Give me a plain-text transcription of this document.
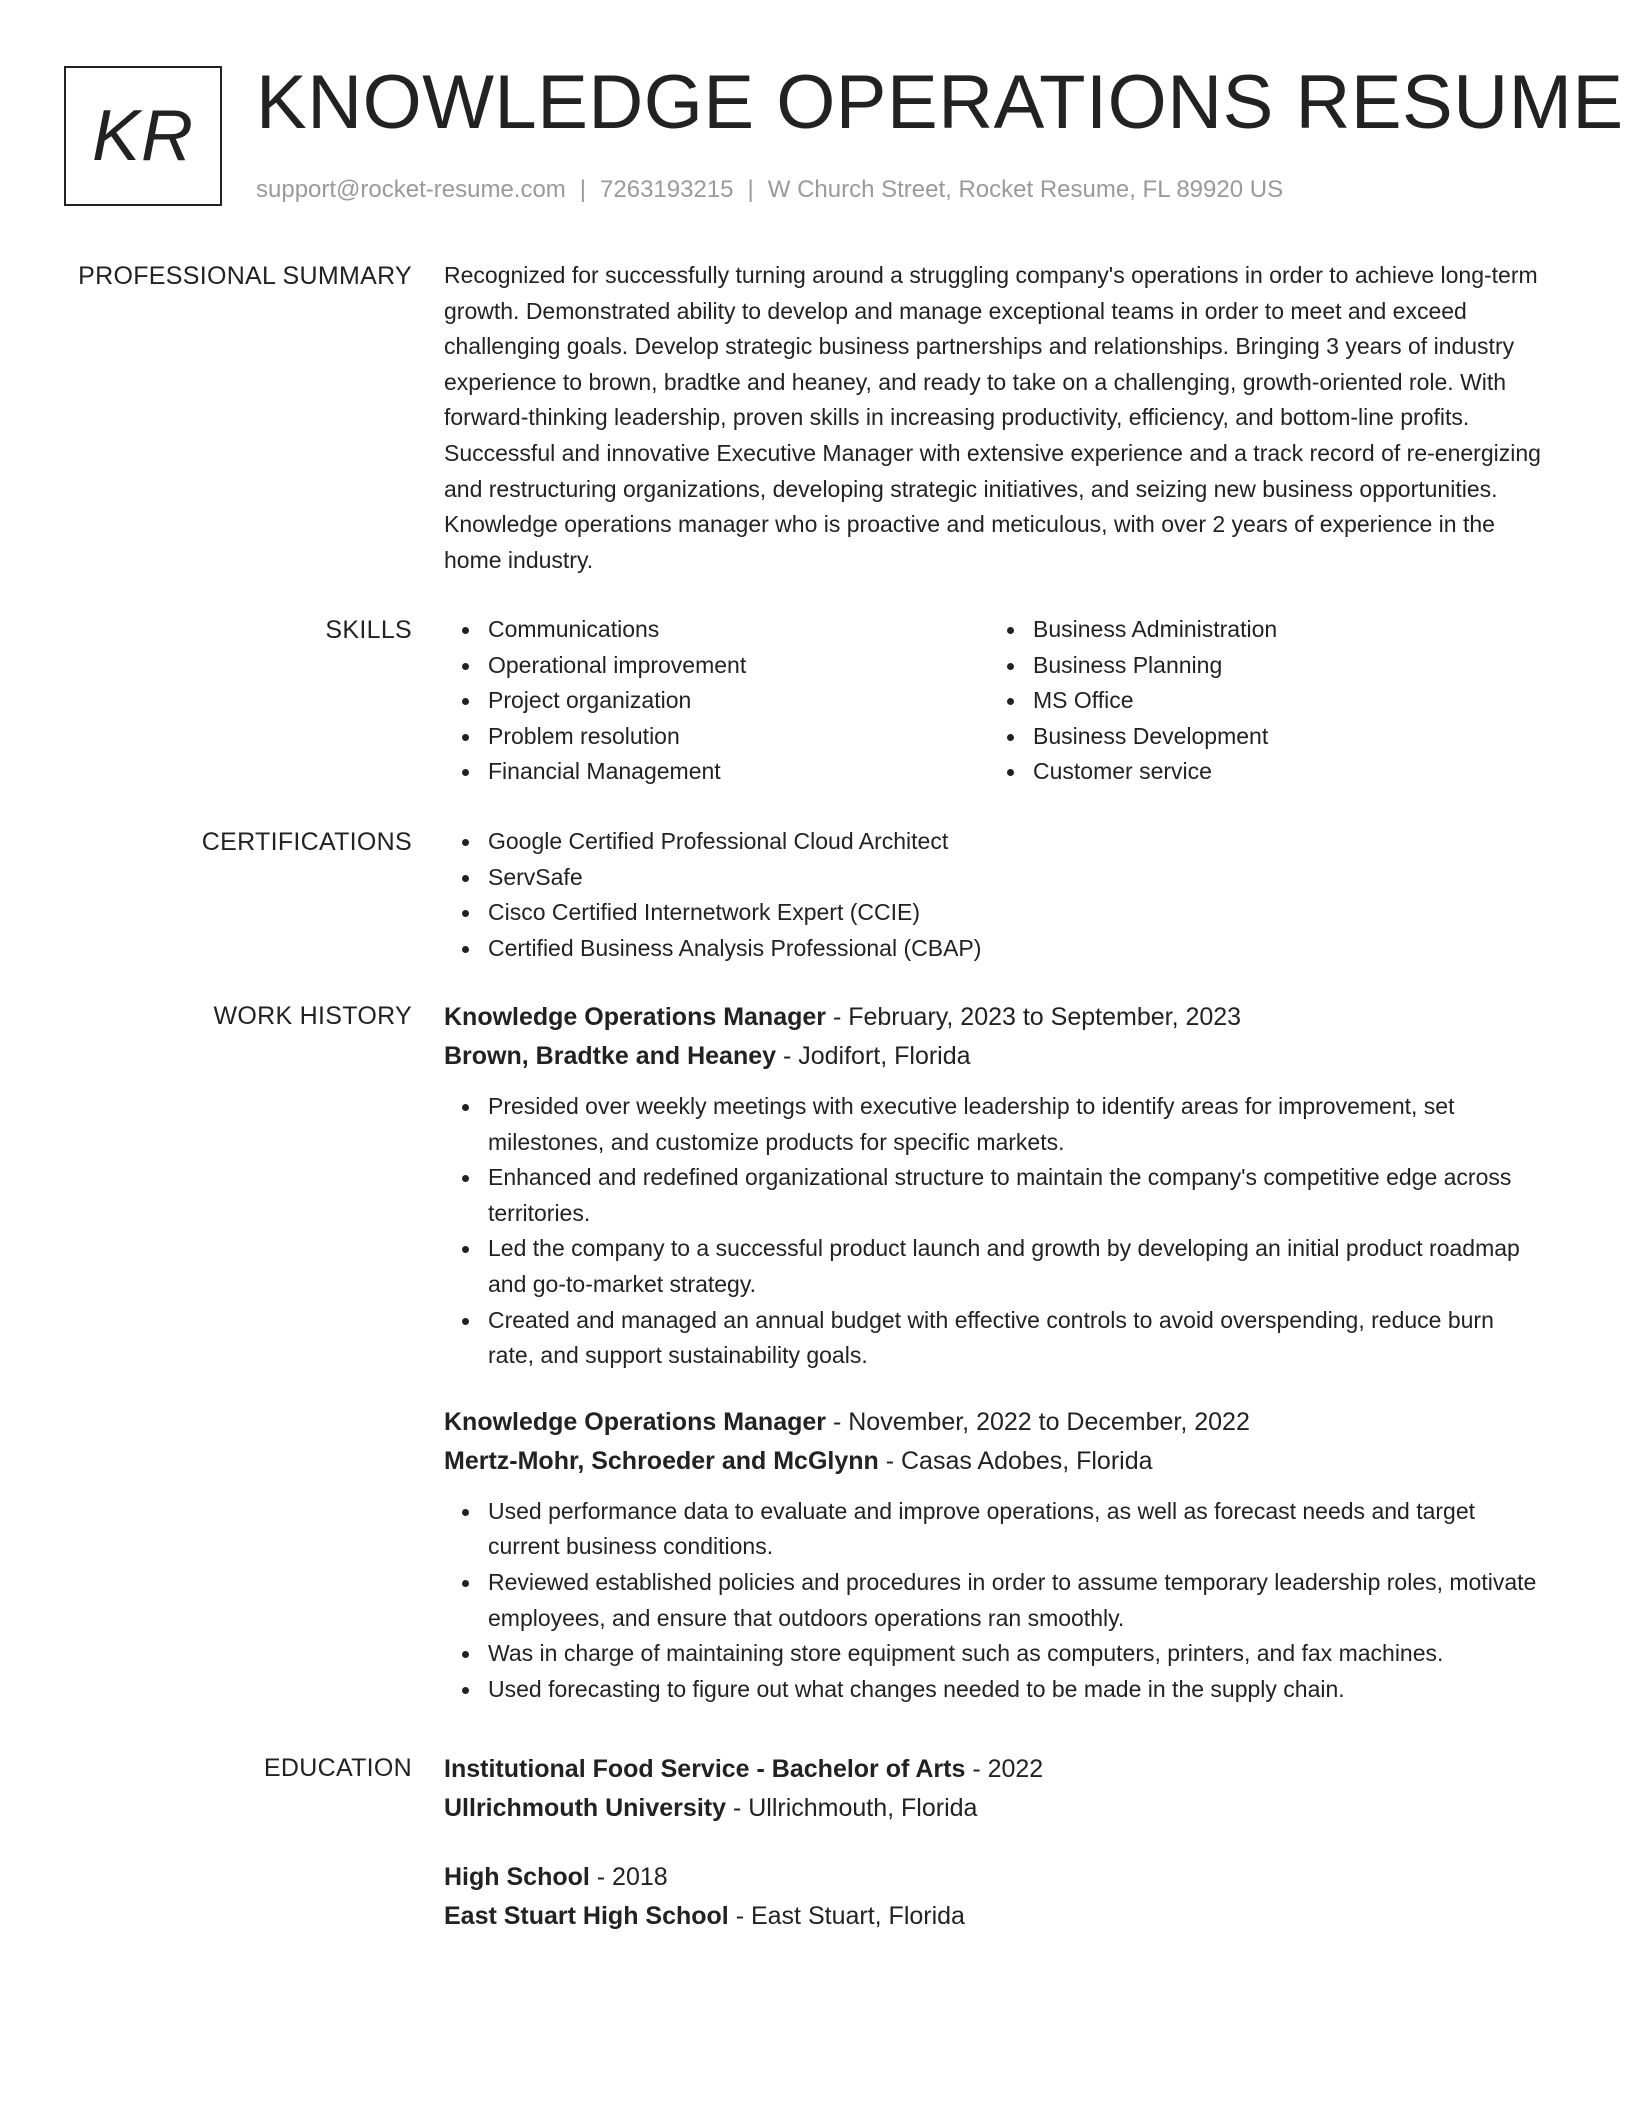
KR KNOWLEDGE OPERATIONS RESUME
support@rocket-resume.com | 7263193215 | W Church Street, Rocket Resume, FL 89920 US
PROFESSIONAL SUMMARY Recognized for successfully turning around a struggling company's operations in order to achieve long-term growth. Demonstrated ability to develop and manage exceptional teams in order to meet and exceed challenging goals. Develop strategic business partnerships and relationships. Bringing 3 years of industry experience to brown, bradtke and heaney, and ready to take on a challenging, growth-oriented role. With forward-thinking leadership, proven skills in increasing productivity, efficiency, and bottom-line profits. Successful and innovative Executive Manager with extensive experience and a track record of re-energizing and restructuring organizations, developing strategic initiatives, and seizing new business opportunities. Knowledge operations manager who is proactive and meticulous, with over 2 years of experience in the home industry.

SKILLS	Communications
Operational improvement
Project organization
Problem resolution
Financial Management
Business Administration
Business Planning
MS Office
Business Development
Customer service
CERTIFICATIONS	Google Certified Professional Cloud Architect
ServSafe
Cisco Certified Internetwork Expert (CCIE)
Certified Business Analysis Professional (CBAP)
WORK HISTORY Knowledge Operations Manager - February, 2023 to September, 2023
Brown, Bradtke and Heaney - Jodifort, Florida
Presided over weekly meetings with executive leadership to identify areas for improvement, set milestones, and customize products for specific markets.
Enhanced and redefined organizational structure to maintain the company's competitive edge across territories.
Led the company to a successful product launch and growth by developing an initial product roadmap and go-to-market strategy.
Created and managed an annual budget with effective controls to avoid overspending, reduce burn rate, and support sustainability goals.
Knowledge Operations Manager - November, 2022 to December, 2022
Mertz-Mohr, Schroeder and McGlynn - Casas Adobes, Florida
Used performance data to evaluate and improve operations, as well as forecast needs and target current business conditions.
Reviewed established policies and procedures in order to assume temporary leadership roles, motivate employees, and ensure that outdoors operations ran smoothly.
Was in charge of maintaining store equipment such as computers, printers, and fax machines.
Used forecasting to figure out what changes needed to be made in the supply chain.
EDUCATION Institutional Food Service - Bachelor of Arts - 2022
Ullrichmouth University - Ullrichmouth, Florida
High School - 2018
East Stuart High School - East Stuart, Florida
